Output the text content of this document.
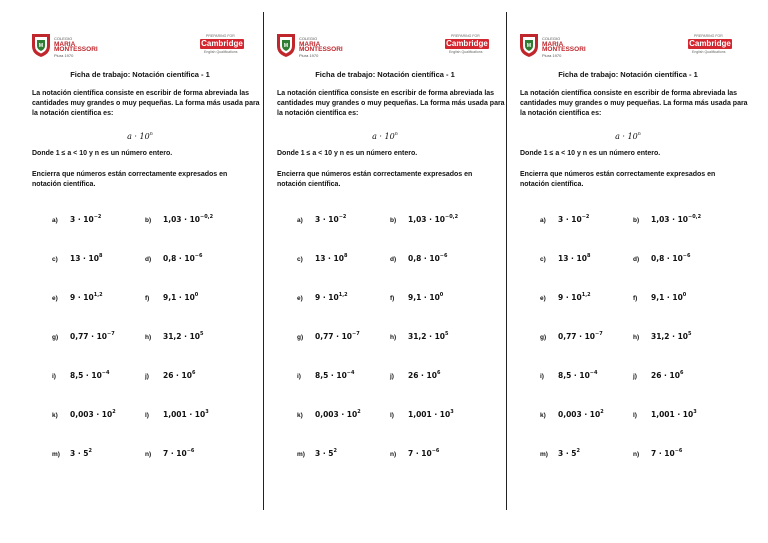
M
COLEGIO
MARIA
MONTESSORI
Piura 1970
PREPARING FOR
Cambridge
English Qualifications
Ficha de trabajo: Notación científica - 1
La notación científica consiste en escribir de forma abreviada las cantidades muy grandes o muy pequeñas. La forma más usada para la notación científica es:
$a \cdot 10^n$
Donde 1 ≤ a < 10 y n es un número entero.
Encierra que números están correctamente expresados en notación científica.
a) $3 \cdot 10^{-2}$	b) $1,03 \cdot 10^{-0,2}$
c) $13 \cdot 10^8$	d) $0,8 \cdot 10^{-6}$
e) $9 \cdot 10^{1,2}$	f) $9,1 \cdot 10^0$
g) $0,77 \cdot 10^{-7}$	h) $31,2 \cdot 10^5$
i) $8,5 \cdot 10^{-4}$	j) $26 \cdot 10^6$
k) $0,003 \cdot 10^2$	l) $1,001 \cdot 10^3$
m) $3 \cdot 5^2$	n) $7 \cdot 10^{-6}$
M
COLEGIO
MARIA
MONTESSORI
Piura 1970
PREPARING FOR
Cambridge
English Qualifications
Ficha de trabajo: Notación científica - 1
La notación científica consiste en escribir de forma abreviada las cantidades muy grandes o muy pequeñas. La forma más usada para la notación científica es:
$a \cdot 10^n$
Donde 1 ≤ a < 10 y n es un número entero.
Encierra que números están correctamente expresados en notación científica.
a) $3 \cdot 10^{-2}$	b) $1,03 \cdot 10^{-0,2}$
c) $13 \cdot 10^8$	d) $0,8 \cdot 10^{-6}$
e) $9 \cdot 10^{1,2}$	f) $9,1 \cdot 10^0$
g) $0,77 \cdot 10^{-7}$	h) $31,2 \cdot 10^5$
i) $8,5 \cdot 10^{-4}$	j) $26 \cdot 10^6$
k) $0,003 \cdot 10^2$	l) $1,001 \cdot 10^3$
m) $3 \cdot 5^2$	n) $7 \cdot 10^{-6}$
M
COLEGIO
MARIA
MONTESSORI
Piura 1970
PREPARING FOR
Cambridge
English Qualifications
Ficha de trabajo: Notación científica - 1
La notación científica consiste en escribir de forma abreviada las cantidades muy grandes o muy pequeñas. La forma más usada para la notación científica es:
$a \cdot 10^n$
Donde 1 ≤ a < 10 y n es un número entero.
Encierra que números están correctamente expresados en notación científica.
a) $3 \cdot 10^{-2}$	b) $1,03 \cdot 10^{-0,2}$
c) $13 \cdot 10^8$	d) $0,8 \cdot 10^{-6}$
e) $9 \cdot 10^{1,2}$	f) $9,1 \cdot 10^0$
g) $0,77 \cdot 10^{-7}$	h) $31,2 \cdot 10^5$
i) $8,5 \cdot 10^{-4}$	j) $26 \cdot 10^6$
k) $0,003 \cdot 10^2$	l) $1,001 \cdot 10^3$
m) $3 \cdot 5^2$	n) $7 \cdot 10^{-6}$
